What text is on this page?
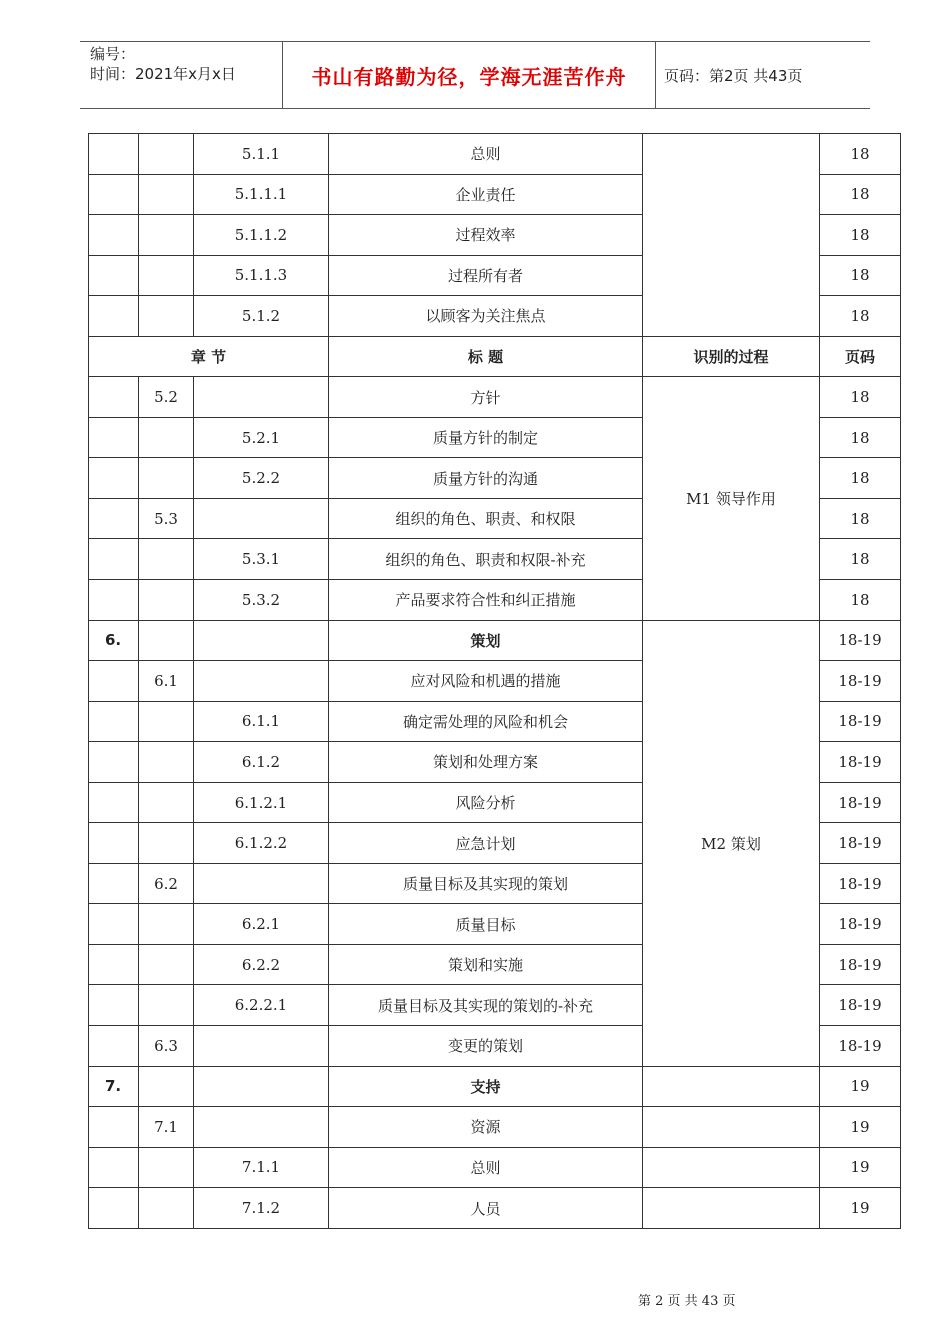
编号：
时间：2021年x月x日	书山有路勤为径，学海无涯苦作舟	页码：第2页 共43页
		5.1.1	总则		18
		5.1.1.1	企业责任		18
		5.1.1.2	过程效率		18
		5.1.1.3	过程所有者		18
		5.1.2	以顾客为关注焦点		18
章 节			标 题	识别的过程	页码
	5.2		方针	M1 领导作用	18
		5.2.1	质量方针的制定		18
		5.2.2	质量方针的沟通		18
	5.3		组织的角色、职责、和权限		18
		5.3.1	组织的角色、职责和权限-补充		18
		5.3.2	产品要求符合性和纠正措施		18
6.			策划	M2 策划	18-19
	6.1		应对风险和机遇的措施		18-19
		6.1.1	确定需处理的风险和机会		18-19
		6.1.2	策划和处理方案		18-19
		6.1.2.1	风险分析		18-19
		6.1.2.2	应急计划		18-19
	6.2		质量目标及其实现的策划		18-19
		6.2.1	质量目标		18-19
		6.2.2	策划和实施		18-19
		6.2.2.1	质量目标及其实现的策划的-补充		18-19
	6.3		变更的策划		18-19
7.			支持		19
	7.1		资源		19
		7.1.1	总则		19
		7.1.2	人员		19
第 2 页 共 43 页
